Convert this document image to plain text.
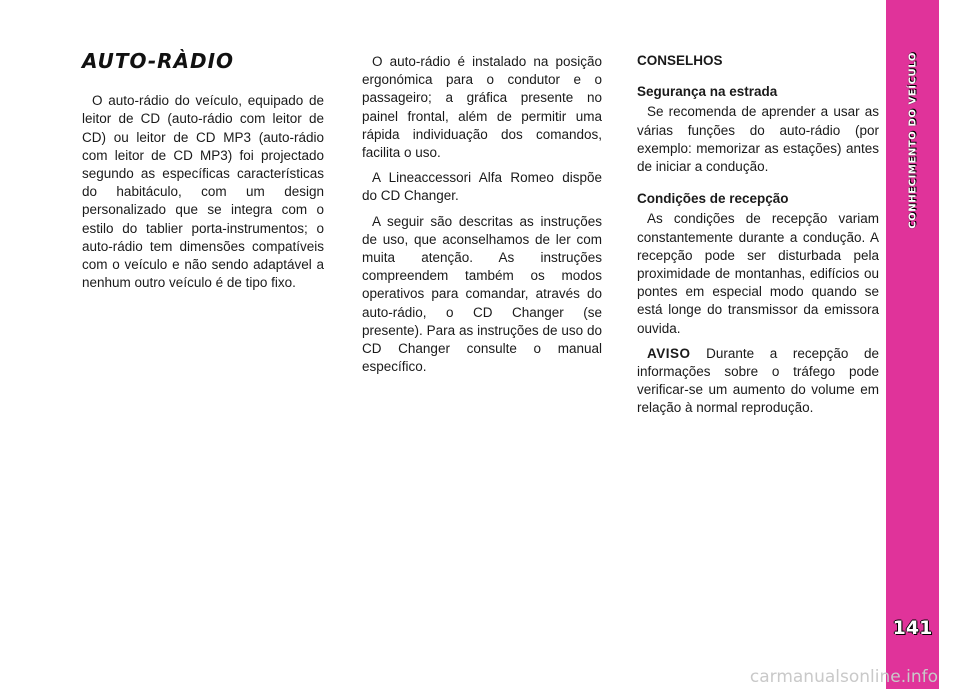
AUTO-RÀDIO

O auto-rádio do veículo, equipado de leitor de CD (auto-rádio com leitor de CD) ou leitor de CD MP3 (auto-rádio com leitor de CD MP3) foi projectado segundo as específicas características do habitáculo, com um design personalizado que se integra com o estilo do tablier porta-instrumentos; o auto-rádio tem dimensões compatíveis com o veículo e não sendo adaptável a nenhum outro veículo é de tipo fixo.

O auto-rádio é instalado na posição ergonómica para o condutor e o passageiro; a gráfica presente no painel frontal, além de permitir uma rápida individuação dos comandos, facilita o uso.

A Lineaccessori Alfa Romeo dispõe do CD Changer.

A seguir são descritas as instruções de uso, que aconselhamos de ler com muita atenção. As instruções compreendem também os modos operativos para comandar, através do auto-rádio, o CD Changer (se presente). Para as instruções de uso do CD Changer consulte o manual específico.

CONSELHOS
Segurança na estrada

Se recomenda de aprender a usar as várias funções do auto-rádio (por exemplo: memorizar as estações) antes de iniciar a condução.

Condições de recepção

As condições de recepção variam constantemente durante a condução. A recepção pode ser disturbada pela proximidade de montanhas, edifícios ou pontes em especial modo quando se está longe do transmissor da emissora ouvida.

AVISO Durante a recepção de informações sobre o tráfego pode verificar-se um aumento do volume em relação à normal reprodução.

CONHECIMENTO DO VEÍCULO
141
carmanualsonline.info
